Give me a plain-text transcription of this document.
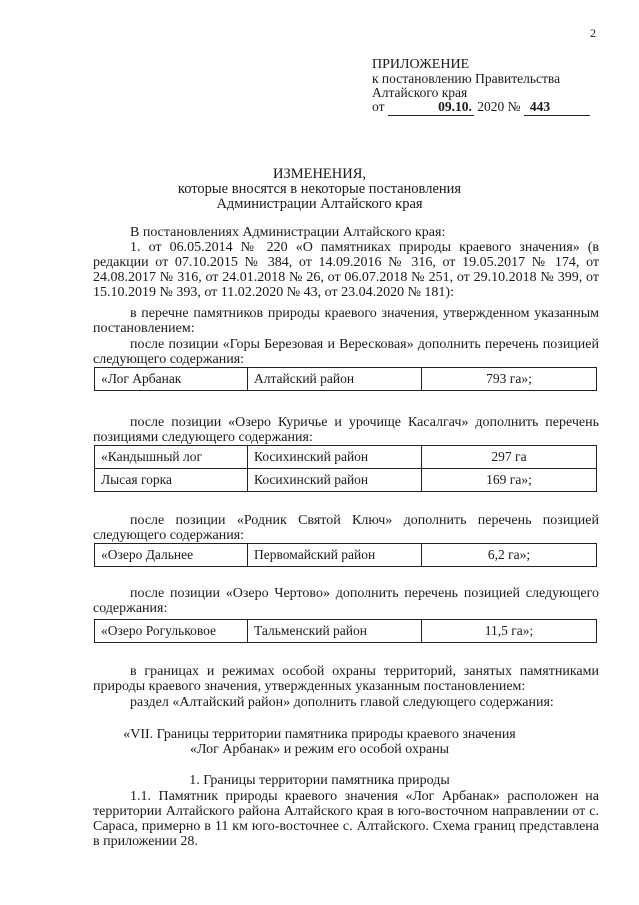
2
ПРИЛОЖЕНИЕ
к постановлению Правительства
Алтайского края
от	09.10. 2020 № 443
ИЗМЕНЕНИЯ,
которые вносятся в некоторые постановления
Администрации Алтайского края
В постановлениях Администрации Алтайского края:
1. от 06.05.2014 № 220 «О памятниках природы краевого значения» (в редакции от 07.10.2015 № 384, от 14.09.2016 № 316, от 19.05.2017 № 174, от 24.08.2017 № 316, от 24.01.2018 № 26, от 06.07.2018 № 251, от 29.10.2018 № 399, от 15.10.2019 № 393, от 11.02.2020 № 43, от 23.04.2020 № 181):
в перечне памятников природы краевого значения, утвержденном указанным постановлением:
после позиции «Горы Березовая и Вересковая» дополнить перечень позицией следующего содержания:
«Лог Арбанак	Алтайский район	793 га»;
после позиции «Озеро Куричье и урочище Касалгач» дополнить перечень позициями следующего содержания:
«Кандышный лог	Косихинский район	297 га
Лысая горка	Косихинский район	169 га»;
после позиции «Родник Святой Ключ» дополнить перечень позицией следующего содержания:
«Озеро Дальнее	Первомайский район	6,2 га»;
после позиции «Озеро Чертово» дополнить перечень позицией следующего содержания:
«Озеро Рогульковое	Тальменский район	11,5 га»;
в границах и режимах особой охраны территорий, занятых памятниками природы краевого значения, утвержденных указанным постановлением:
раздел «Алтайский район» дополнить главой следующего содержания:
«VII. Границы территории памятника природы краевого значения
«Лог Арбанак» и режим его особой охраны
1. Границы территории памятника природы
1.1. Памятник природы краевого значения «Лог Арбанак» расположен на территории Алтайского района Алтайского края в юго-восточном направлении от с. Сараса, примерно в 11 км юго-восточнее с. Алтайского. Схема границ представлена в приложении 28.
